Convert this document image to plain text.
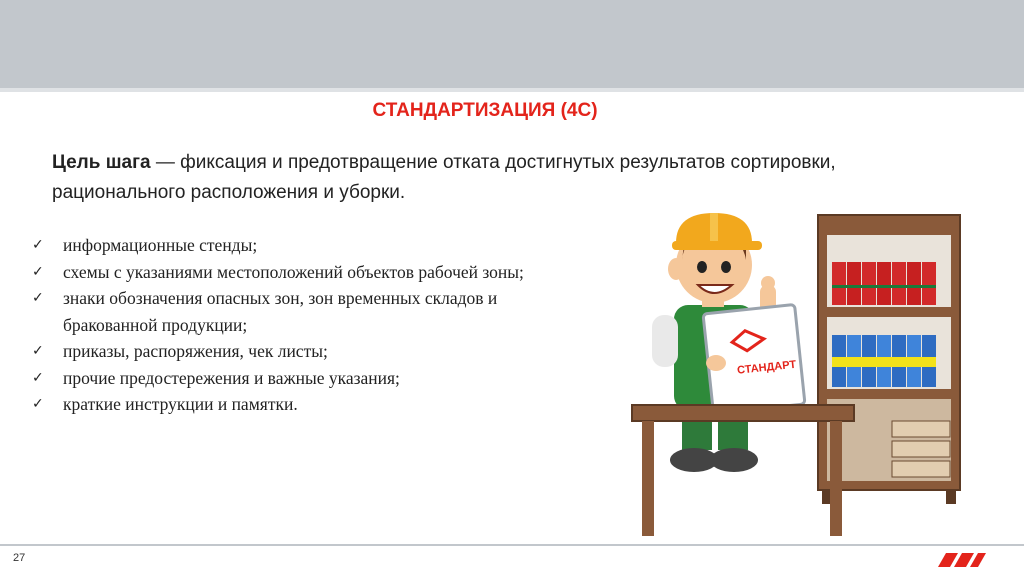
СТАНДАРТИЗАЦИЯ (4С)
Цель шага — фиксация и предотвращение отката достигнутых результатов сортировки, рационального расположения и уборки.
✓	информационные стенды;
✓	схемы с указаниями местоположений объектов рабочей зоны;
✓	знаки обозначения опасных зон, зон временных складов и бракованной продукции;
✓	приказы, распоряжения, чек листы;
✓	прочие предостережения и важные указания;
✓	краткие инструкции и памятки.
СТАНДАРТ
27
